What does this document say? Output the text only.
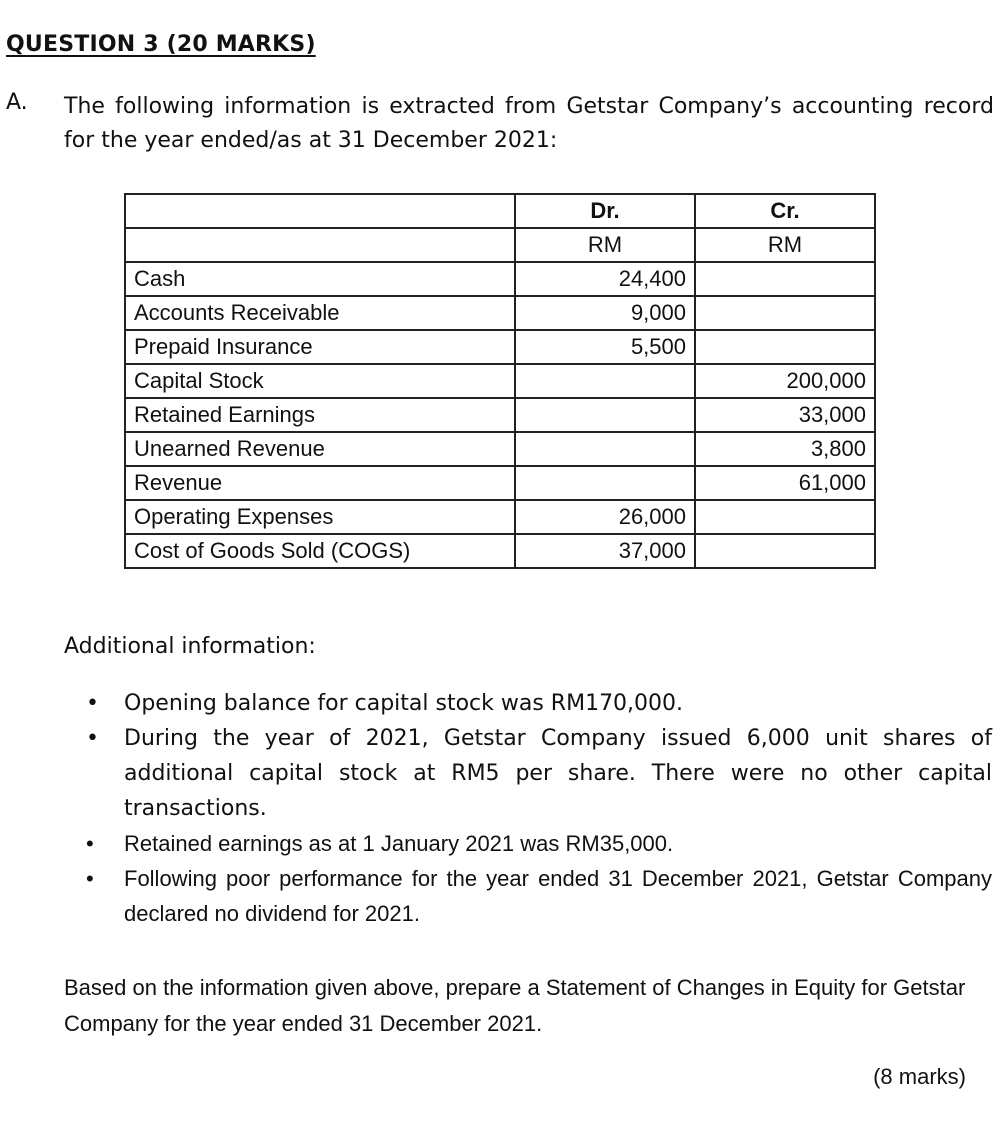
QUESTION 3 (20 MARKS)
A. The following information is extracted from Getstar Company’s accounting record
for the year ended/as at 31 December 2021:
	Dr.	Cr.
	RM	RM
Cash	24,400	
Accounts Receivable	9,000	
Prepaid Insurance	5,500	
Capital Stock		200,000
Retained Earnings		33,000
Unearned Revenue		3,800
Revenue		61,000
Operating Expenses	26,000	
Cost of Goods Sold (COGS)	37,000	
Additional information:
• Opening balance for capital stock was RM170,000.
• During the year of 2021, Getstar Company issued 6,000 unit shares of additional capital stock at RM5 per share. There were no other capital transactions.
• Retained earnings as at 1 January 2021 was RM35,000.
• Following poor performance for the year ended 31 December 2021, Getstar Company declared no dividend for 2021.
Based on the information given above, prepare a Statement of Changes in Equity for Getstar Company for the year ended 31 December 2021.
(8 marks)
